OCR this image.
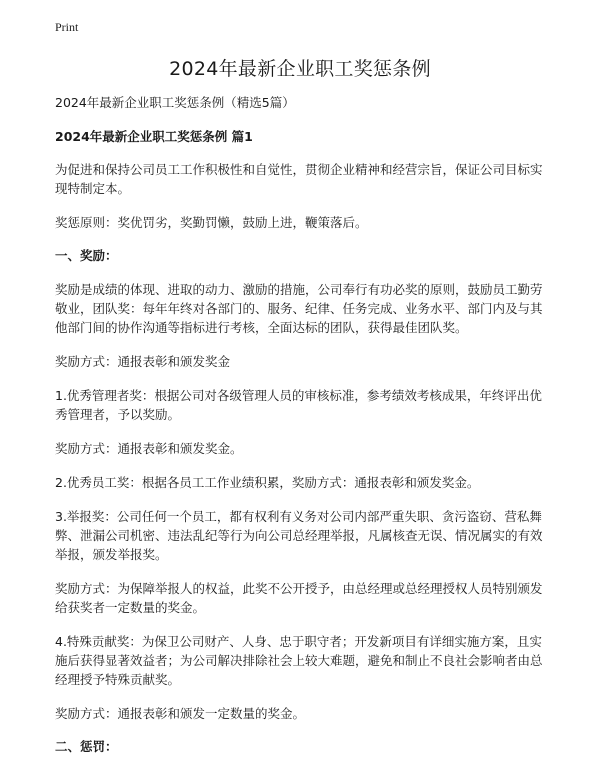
Print
2024年最新企业职工奖惩条例

2024年最新企业职工奖惩条例（精选5篇）

2024年最新企业职工奖惩条例 篇1

为促进和保持公司员工工作积极性和自觉性，贯彻企业精神和经营宗旨，保证公司目标实现特制定本。

奖惩原则：奖优罚劣，奖勤罚懒，鼓励上进，鞭策落后。

一、奖励：

奖励是成绩的体现、进取的动力、激励的措施，公司奉行有功必奖的原则，鼓励员工勤劳敬业，团队奖：每年年终对各部门的、服务、纪律、任务完成、业务水平、部门内及与其他部门间的协作沟通等指标进行考核，全面达标的团队，获得最佳团队奖。

奖励方式：通报表彰和颁发奖金

1.优秀管理者奖：根据公司对各级管理人员的审核标准，参考绩效考核成果，年终评出优秀管理者，予以奖励。

奖励方式：通报表彰和颁发奖金。

2.优秀员工奖：根据各员工工作业绩积累，奖励方式：通报表彰和颁发奖金。

3.举报奖：公司任何一个员工，都有权利有义务对公司内部严重失职、贪污盗窃、营私舞弊、泄漏公司机密、违法乱纪等行为向公司总经理举报，凡属核查无误、情况属实的有效举报，颁发举报奖。

奖励方式：为保障举报人的权益，此奖不公开授予，由总经理或总经理授权人员特别颁发给获奖者一定数量的奖金。

4.特殊贡献奖：为保卫公司财产、人身、忠于职守者；开发新项目有详细实施方案，且实施后获得显著效益者；为公司解决排除社会上较大难题，避免和制止不良社会影响者由总经理授予特殊贡献奖。

奖励方式：通报表彰和颁发一定数量的奖金。

二、惩罚：
